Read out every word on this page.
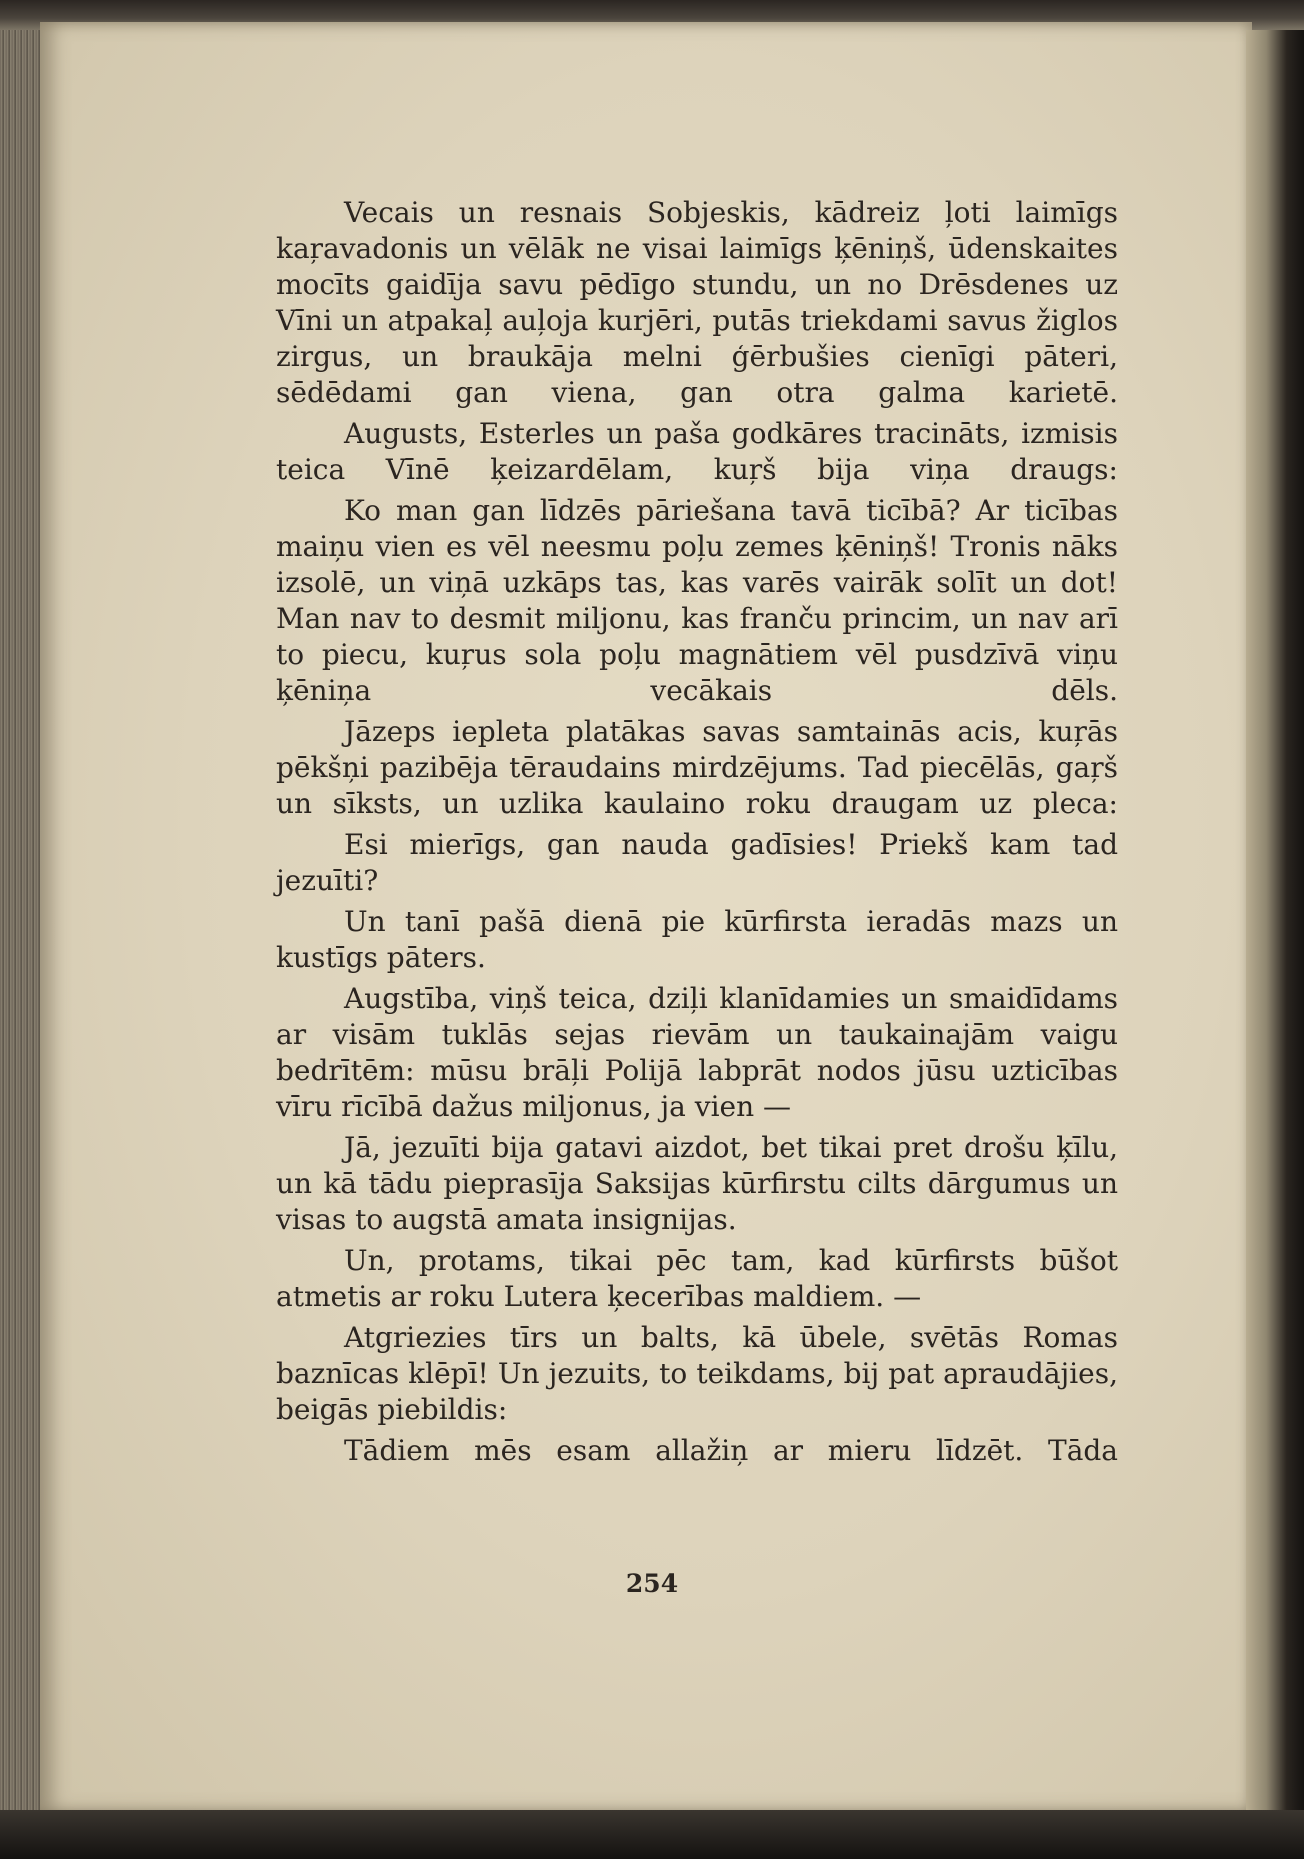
Vecais un resnais Sobjeskis, kādreiz ļoti laimīgs kaŗavadonis un vēlāk ne visai laimīgs ķēniņš, ūdenskaites mocīts gaidīja savu pēdīgo stundu, un no Drēsdenes uz Vīni un atpakaļ auļoja kurjēri, putās triekdami savus žiglos zirgus, un braukāja melni ģērbušies cienīgi pāteri, sēdēdami gan viena, gan otra galma karietē.

Augusts, Esterles un paša godkāres tracināts, izmisis teica Vīnē ķeizardēlam, kuŗš bija viņa draugs:

Ko man gan līdzēs pāriešana tavā ticībā? Ar ticības maiņu vien es vēl neesmu poļu zemes ķēniņš! Tronis nāks izsolē, un viņā uzkāps tas, kas varēs vairāk solīt un dot! Man nav to desmit miljonu, kas franču princim, un nav arī to piecu, kuŗus sola poļu magnātiem vēl pusdzīvā viņu ķēniņa vecākais dēls.

Jāzeps iepleta platākas savas samtainās acis, kuŗās pēkšņi pazibēja tēraudains mirdzējums. Tad piecēlās, gaŗš un sīksts, un uzlika kaulaino roku draugam uz pleca:

Esi mierīgs, gan nauda gadīsies! Priekš kam tad jezuīti?

Un tanī pašā dienā pie kūrfirsta ieradās mazs un kustīgs pāters.

Augstība, viņš teica, dziļi klanīdamies un smaidīdams ar visām tuklās sejas rievām un taukainajām vaigu bedrītēm: mūsu brāļi Polijā labprāt nodos jūsu uzticības vīru rīcībā dažus miljonus, ja vien —

Jā, jezuīti bija gatavi aizdot, bet tikai pret drošu ķīlu, un kā tādu pieprasīja Saksijas kūrfirstu cilts dārgumus un visas to augstā amata insignijas.

Un, protams, tikai pēc tam, kad kūrfirsts būšot atmetis ar roku Lutera ķecerības maldiem. —

Atgriezies tīrs un balts, kā ūbele, svētās Romas baznīcas klēpī! Un jezuits, to teikdams, bij pat apraudājies, beigās piebildis:

Tādiem mēs esam allažiņ ar mieru līdzēt. Tāda

254
